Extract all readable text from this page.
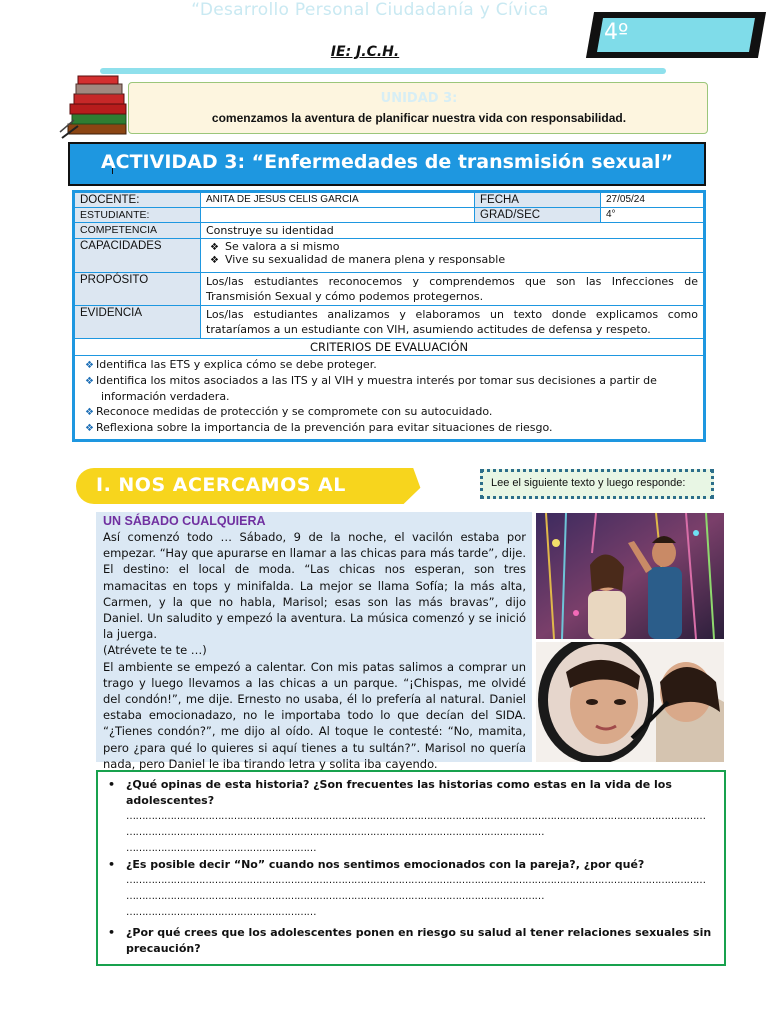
“Desarrollo Personal Ciudadanía y Cívica
4º
IE: J.C.H.
UNIDAD 3:
comenzamos la aventura de planificar nuestra vida con responsabilidad.
ACTIVIDAD 3: “Enfermedades de transmisión sexual”
DOCENTE:	ANITA DE JESUS CELIS GARCIA	FECHA	27/05/24
ESTUDIANTE:		GRAD/SEC	4°
COMPETENCIA	Construye su identidad		
CAPACIDADES	❖ Se valora a si mismo
❖ Vive su sexualidad de manera plena y responsable		

PROPÓSITO	Los/las estudiantes reconocemos y comprendemos que son las Infecciones de Transmisión Sexual y cómo podemos protegernos.		
EVIDENCIA	Los/las estudiantes analizamos y elaboramos un texto donde explicamos como trataríamos a un estudiante con VIH, asumiendo actitudes de defensa y respeto.		
CRITERIOS DE EVALUACIÓN			

❖ Identifica las ETS y explica cómo se debe proteger.
❖ Identifica los mitos asociados a las ITS y al VIH y muestra interés por tomar sus decisiones a partir de
información verdadera.
❖ Reconoce medidas de protección y se compromete con su autocuidado.
❖ Reflexiona sobre la importancia de la prevención para evitar situaciones de riesgo.			
I. NOS ACERCAMOS AL	Lee el siguiente texto y luego responde:
UN SÁBADO CUALQUIERA

Así comenzó todo … Sábado, 9 de la noche, el vacilón estaba por empezar. “Hay que apurarse en llamar a las chicas para más tarde”, dije. El destino: el local de moda. “Las chicas nos esperan, son tres mamacitas en tops y minifalda. La mejor se llama Sofía; la más alta, Carmen, y la que no habla, Marisol; esas son las más bravas”, dijo Daniel. Un saludito y empezó la aventura. La música comenzó y se inició la juerga.

(Atrévete te te …)

El ambiente se empezó a calentar. Con mis patas salimos a comprar un trago y luego llevamos a las chicas a un parque. “¡Chispas, me olvidé del condón!”, me dije. Ernesto no usaba, él lo prefería al natural. Daniel estaba emocionadazo, no le importaba todo lo que decían del SIDA. “¿Tienes condón?”, me dijo al oído. Al toque le contesté: “No, mamita, pero ¿para qué lo quieres si aquí tienes a tu sultán?”. Marisol no quería nada, pero Daniel le iba tirando letra y solita iba cayendo.

• ¿Qué opinas de esta historia? ¿Son frecuentes las historias como estas en la vida de los adolescentes?
…………………………………………………………………………………………………………………………………………………………………
……………………………………………………………………………………………………………………
……………………………………………………
• ¿Es posible decir “No” cuando nos sentimos emocionados con la pareja?, ¿por qué?
…………………………………………………………………………………………………………………………………………………………………
……………………………………………………………………………………………………………………
……………………………………………………
• ¿Por qué crees que los adolescentes ponen en riesgo su salud al tener relaciones sexuales sin precaución?
